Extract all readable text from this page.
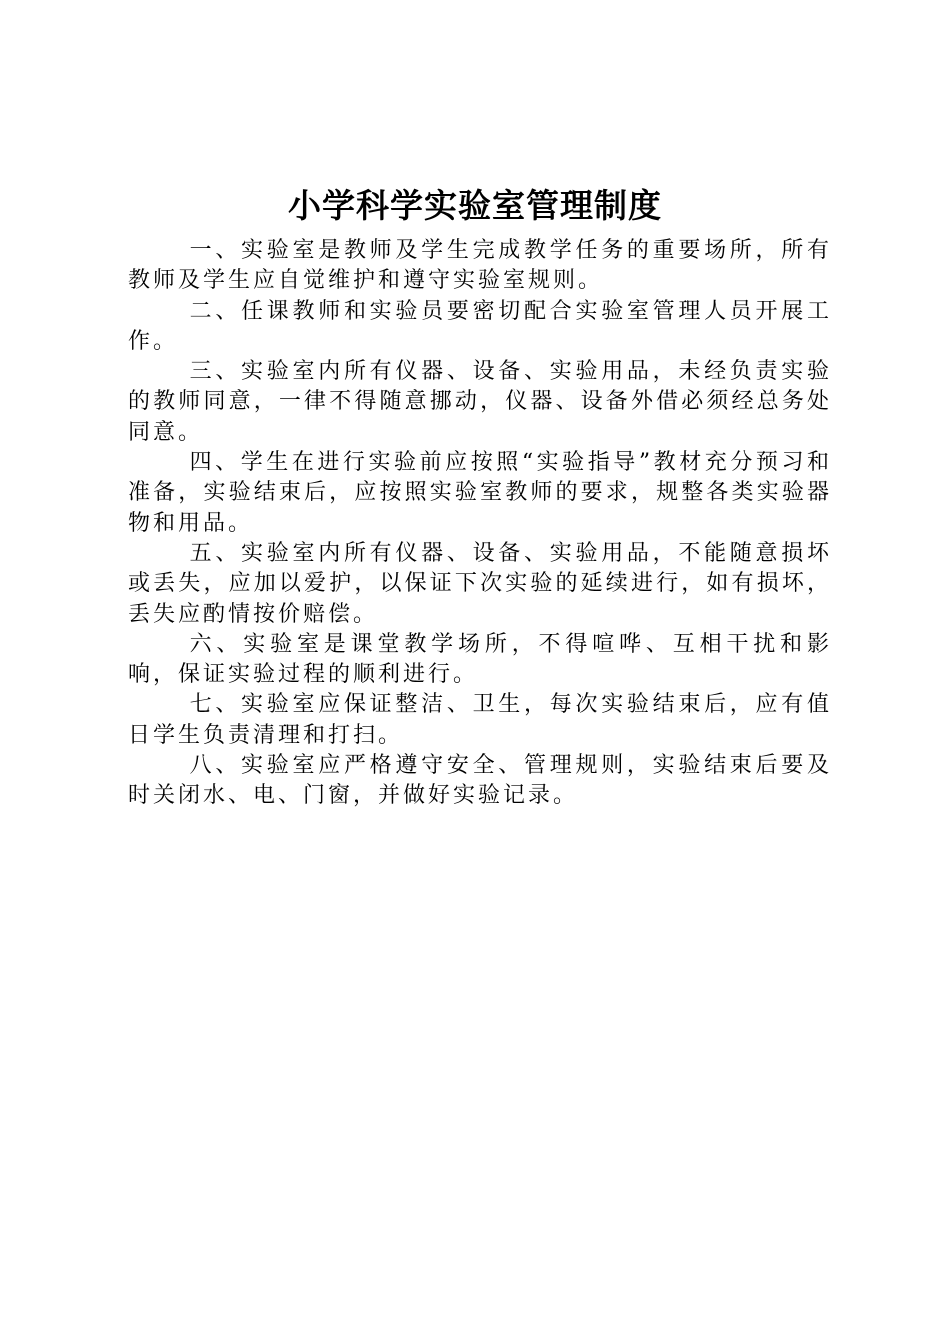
小学科学实验室管理制度

一、实验室是教师及学生完成教学任务的重要场所，所有教师及学生应自觉维护和遵守实验室规则。

二、任课教师和实验员要密切配合实验室管理人员开展工作。

三、实验室内所有仪器、设备、实验用品，未经负责实验的教师同意，一律不得随意挪动，仪器、设备外借必须经总务处同意。

四、学生在进行实验前应按照“实验指导”教材充分预习和准备，实验结束后，应按照实验室教师的要求，规整各类实验器物和用品。

五、实验室内所有仪器、设备、实验用品，不能随意损坏或丢失，应加以爱护，以保证下次实验的延续进行，如有损坏，丢失应酌情按价赔偿。

六、实验室是课堂教学场所，不得喧哗、互相干扰和影响，保证实验过程的顺利进行。

七、实验室应保证整洁、卫生，每次实验结束后，应有值日学生负责清理和打扫。

八、实验室应严格遵守安全、管理规则，实验结束后要及时关闭水、电、门窗，并做好实验记录。
